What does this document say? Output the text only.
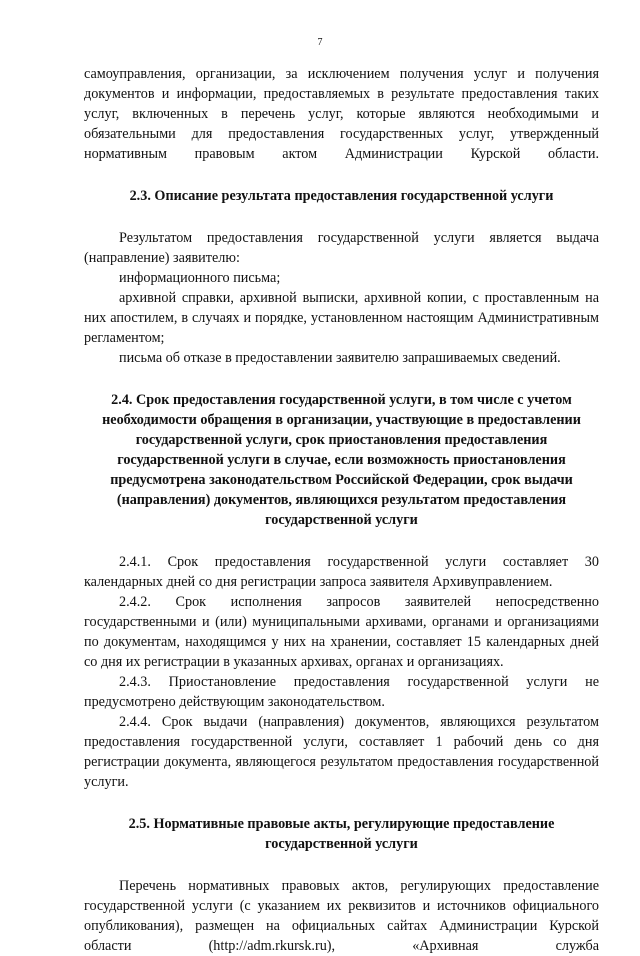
7

самоуправления, организации, за исключением получения услуг и получения документов и информации, предоставляемых в результате предоставления таких услуг, включенных в перечень услуг, которые являются необходимыми и обязательными для предоставления государственных услуг, утвержденный нормативным правовым актом Администрации Курской области.

2.3. Описание результата предоставления государственной услуги

Результатом предоставления государственной услуги является выдача (направление) заявителю:

информационного письма;

архивной справки, архивной выписки, архивной копии, с проставленным на них апостилем, в случаях и порядке, установленном настоящим Административным регламентом;

письма об отказе в предоставлении заявителю запрашиваемых сведений.

2.4. Срок предоставления государственной услуги, в том числе с учетом необходимости обращения в организации, участвующие в предоставлении государственной услуги, срок приостановления предоставления государственной услуги в случае, если возможность приостановления предусмотрена законодательством Российской Федерации, срок выдачи (направления) документов, являющихся результатом предоставления государственной услуги

2.4.1. Срок предоставления государственной услуги составляет 30 календарных дней со дня регистрации запроса заявителя Архивуправлением.

2.4.2. Срок исполнения запросов заявителей непосредственно государственными и (или) муниципальными архивами, органами и организациями по документам, находящимся у них на хранении, составляет 15 календарных дней со дня их регистрации в указанных архивах, органах и организациях.

2.4.3. Приостановление предоставления государственной услуги не предусмотрено действующим законодательством.

2.4.4. Срок выдачи (направления) документов, являющихся результатом предоставления государственной услуги, составляет 1 рабочий день со дня регистрации документа, являющегося результатом предоставления государственной услуги.

2.5. Нормативные правовые акты, регулирующие предоставление государственной услуги

Перечень нормативных правовых актов, регулирующих предоставление государственной услуги (с указанием их реквизитов и источников официального опубликования), размещен на официальных сайтах Администрации Курской области (http://adm.rkursk.ru), «Архивная служба
